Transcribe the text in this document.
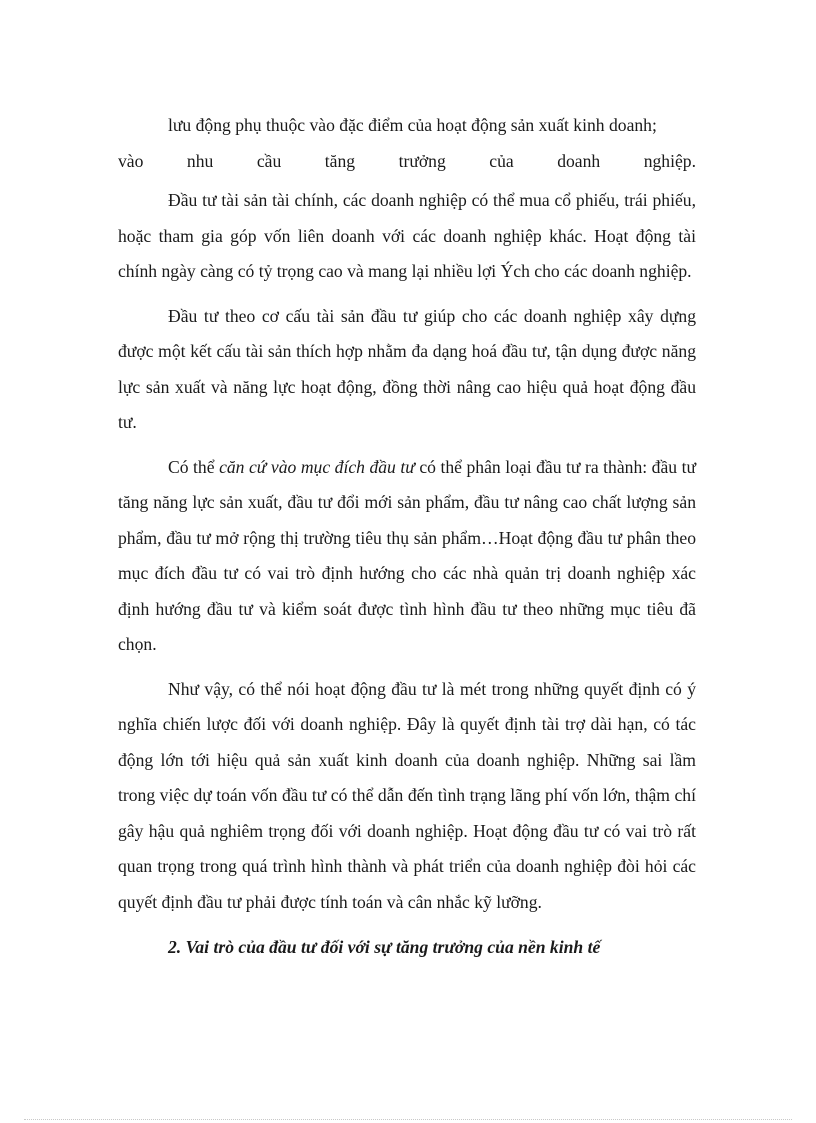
lưu động phụ thuộc vào đặc điểm của hoạt động sản xuất kinh doanh;
vào nhu cầu tăng trưởng của doanh nghiệp.

Đầu tư tài sản tài chính, các doanh nghiệp có thể mua cổ phiếu, trái phiếu, hoặc tham gia góp vốn liên doanh với các doanh nghiệp khác. Hoạt động tài chính ngày càng có tỷ trọng cao và mang lại nhiều lợi Ých cho các doanh nghiệp.

Đầu tư theo cơ cấu tài sản đầu tư giúp cho các doanh nghiệp xây dựng được một kết cấu tài sản thích hợp nhằm đa dạng hoá đầu tư, tận dụng được năng lực sản xuất và năng lực hoạt động, đồng thời nâng cao hiệu quả hoạt động đầu tư.

Có thể căn cứ vào mục đích đầu tư có thể phân loại đầu tư ra thành: đầu tư tăng năng lực sản xuất, đầu tư đổi mới sản phẩm, đầu tư nâng cao chất lượng sản phẩm, đầu tư mở rộng thị trường tiêu thụ sản phẩm…Hoạt động đầu tư phân theo mục đích đầu tư có vai trò định hướng cho các nhà quản trị doanh nghiệp xác định hướng đầu tư và kiểm soát được tình hình đầu tư theo những mục tiêu đã chọn.

Như vậy, có thể nói hoạt động đầu tư là mét trong những quyết định có ý nghĩa chiến lược đối với doanh nghiệp. Đây là quyết định tài trợ dài hạn, có tác động lớn tới hiệu quả sản xuất kinh doanh của doanh nghiệp. Những sai lầm trong việc dự toán vốn đầu tư có thể dẫn đến tình trạng lãng phí vốn lớn, thậm chí gây hậu quả nghiêm trọng đối với doanh nghiệp. Hoạt động đầu tư có vai trò rất quan trọng trong quá trình hình thành và phát triển của doanh nghiệp đòi hỏi các quyết định đầu tư phải được tính toán và cân nhắc kỹ lưỡng.

2. Vai trò của đầu tư đối với sự tăng trưởng của nền kinh tế
